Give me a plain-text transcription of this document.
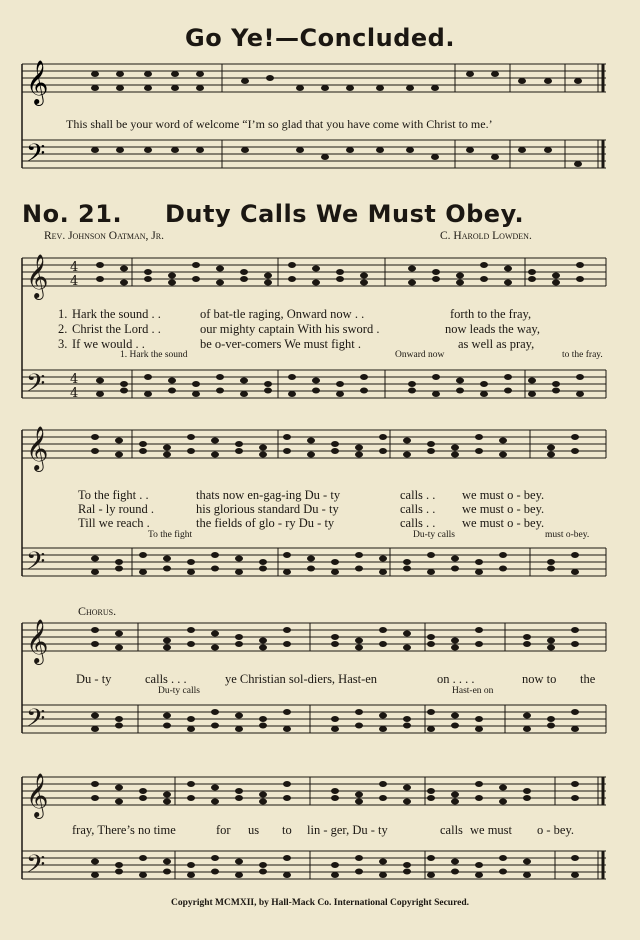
Go Ye!—Concluded.
𝄞
𝄢
This shall be your word of welcome “I’m so glad that you have come with Christ to me.’
No. 21. Duty Calls We Must Obey.
Rev. Johnson Oatman, Jr.	C. Harold Lowden.
𝄞
𝄢
4
4
4
4
𝄞
𝄢
𝄞
𝄢
𝄞
𝄢
1. Hark the sound . .	of bat-tle raging, Onward now . .	forth to the fray,
2. Christ the Lord . .	our mighty captain With his sword .	now leads the way,
3. If we would . .	be o-ver-comers We must fight .	as well as pray,
1. Hark the sound	Onward now	to the fray.
To the fight . .	thats now en-gag-ing Du - ty	calls . . we must o - bey.
Ral - ly round .	his glorious standard Du - ty	calls . . we must o - bey.
Till we reach .	the fields of glo - ry Du - ty	calls . . we must o - bey.
To the fight	Du-ty calls	must o-bey.
Chorus.
Du - ty	calls . . .	ye Christian sol-diers, Hast-en	on . . . .	now to the
Du-ty calls	Hast-en on
fray, There’s no time	for us to lin - ger, Du - ty	calls we must o - bey.
Copyright MCMXII, by Hall-Mack Co. International Copyright Secured.
